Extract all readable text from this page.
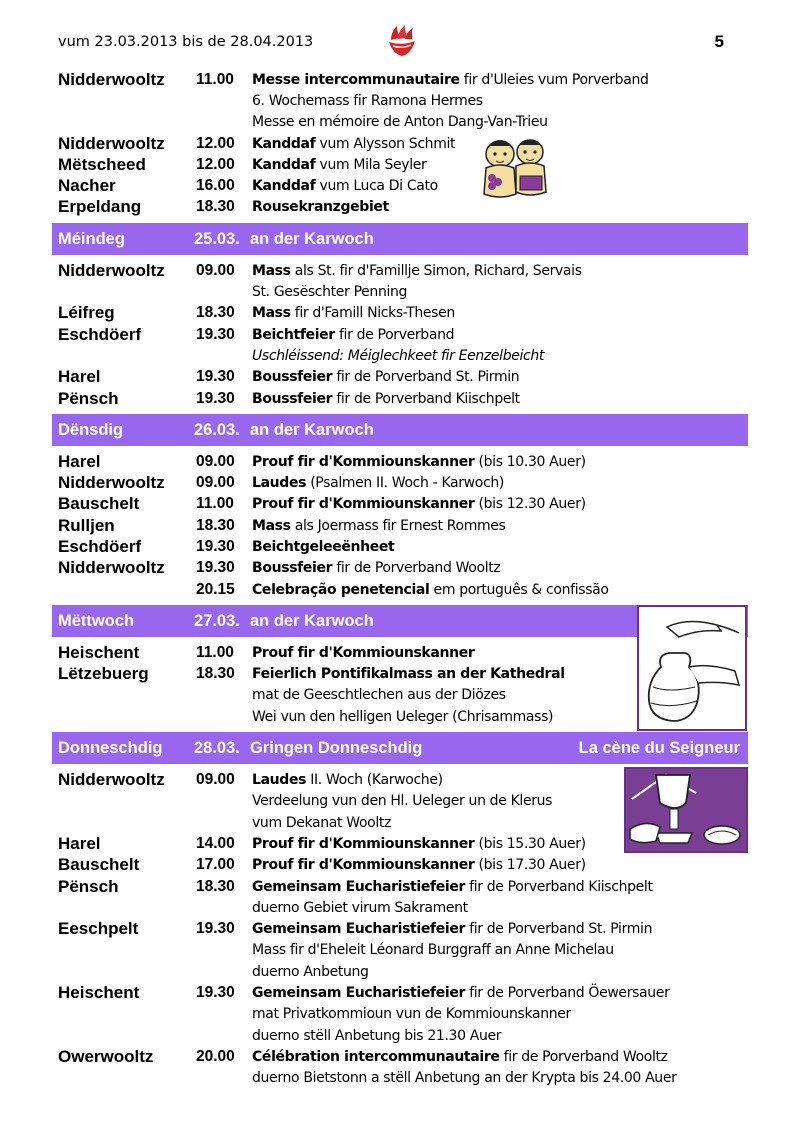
vum 23.03.2013 bis de 28.04.2013	5
Nidderwooltz	11.00	Messe intercommunautaire fir d'Uleies vum Porverband
6. Wochemass fir Ramona Hermes
Messe en mémoire de Anton Dang-Van-Trieu
Nidderwooltz	12.00	Kanddaf vum Alysson Schmit
Mëtscheed	12.00	Kanddaf vum Mila Seyler
Nacher	16.00	Kanddaf vum Luca Di Cato
Erpeldang	18.30	Rousekranzgebiet
Méindeg	25.03. an der Karwoch
Nidderwooltz	09.00	Mass als St. fir d'Famillje Simon, Richard, Servais
St. Gesëschter Penning
Léifreg	18.30	Mass fir d'Famill Nicks-Thesen
Eschdöerf	19.30	Beichtfeier fir de Porverband
Uschléissend: Méiglechkeet fir Eenzelbeicht
Harel	19.30	Boussfeier fir de Porverband St. Pirmin
Pënsch	19.30	Boussfeier fir de Porverband Kiischpelt
Dënsdig	26.03. an der Karwoch
Harel	09.00	Prouf fir d'Kommiounskanner (bis 10.30 Auer)
Nidderwooltz	09.00	Laudes (Psalmen II. Woch - Karwoch)
Bauschelt	11.00	Prouf fir d'Kommiounskanner (bis 12.30 Auer)
Rulljen	18.30	Mass als Joermass fir Ernest Rommes
Eschdöerf	19.30	Beichtgeleeënheet
Nidderwooltz	19.30	Boussfeier fir de Porverband Wooltz
20.15	Celebração penetencial em português & confissão
Mëttwoch	27.03. an der Karwoch
Heischent	11.00	Prouf fir d'Kommiounskanner
Lëtzebuerg	18.30	Feierlich Pontifikalmass an der Kathedral
mat de Geeschtlechen aus der Diözes
Wei vun den helligen Ueleger (Chrisammass)
Donneschdig	28.03. Gringen Donneschdig	La cène du Seigneur
Nidderwooltz	09.00	Laudes II. Woch (Karwoche)
Verdeelung vun den Hl. Ueleger un de Klerus
vum Dekanat Wooltz
Harel	14.00	Prouf fir d'Kommiounskanner (bis 15.30 Auer)
Bauschelt	17.00	Prouf fir d'Kommiounskanner (bis 17.30 Auer)
Pënsch	18.30	Gemeinsam Eucharistiefeier fir de Porverband Kiischpelt
duerno Gebiet virum Sakrament
Eeschpelt	19.30	Gemeinsam Eucharistiefeier fir de Porverband St. Pirmin
Mass fir d'Eheleit Léonard Burggraff an Anne Michelau
duerno Anbetung
Heischent	19.30	Gemeinsam Eucharistiefeier fir de Porverband Öewersauer
mat Privatkommioun vun de Kommiounskanner
duerno stëll Anbetung bis 21.30 Auer
Owerwooltz	20.00	Célébration intercommunautaire fir de Porverband Wooltz
duerno Bietstonn a stëll Anbetung an der Krypta bis 24.00 Auer
